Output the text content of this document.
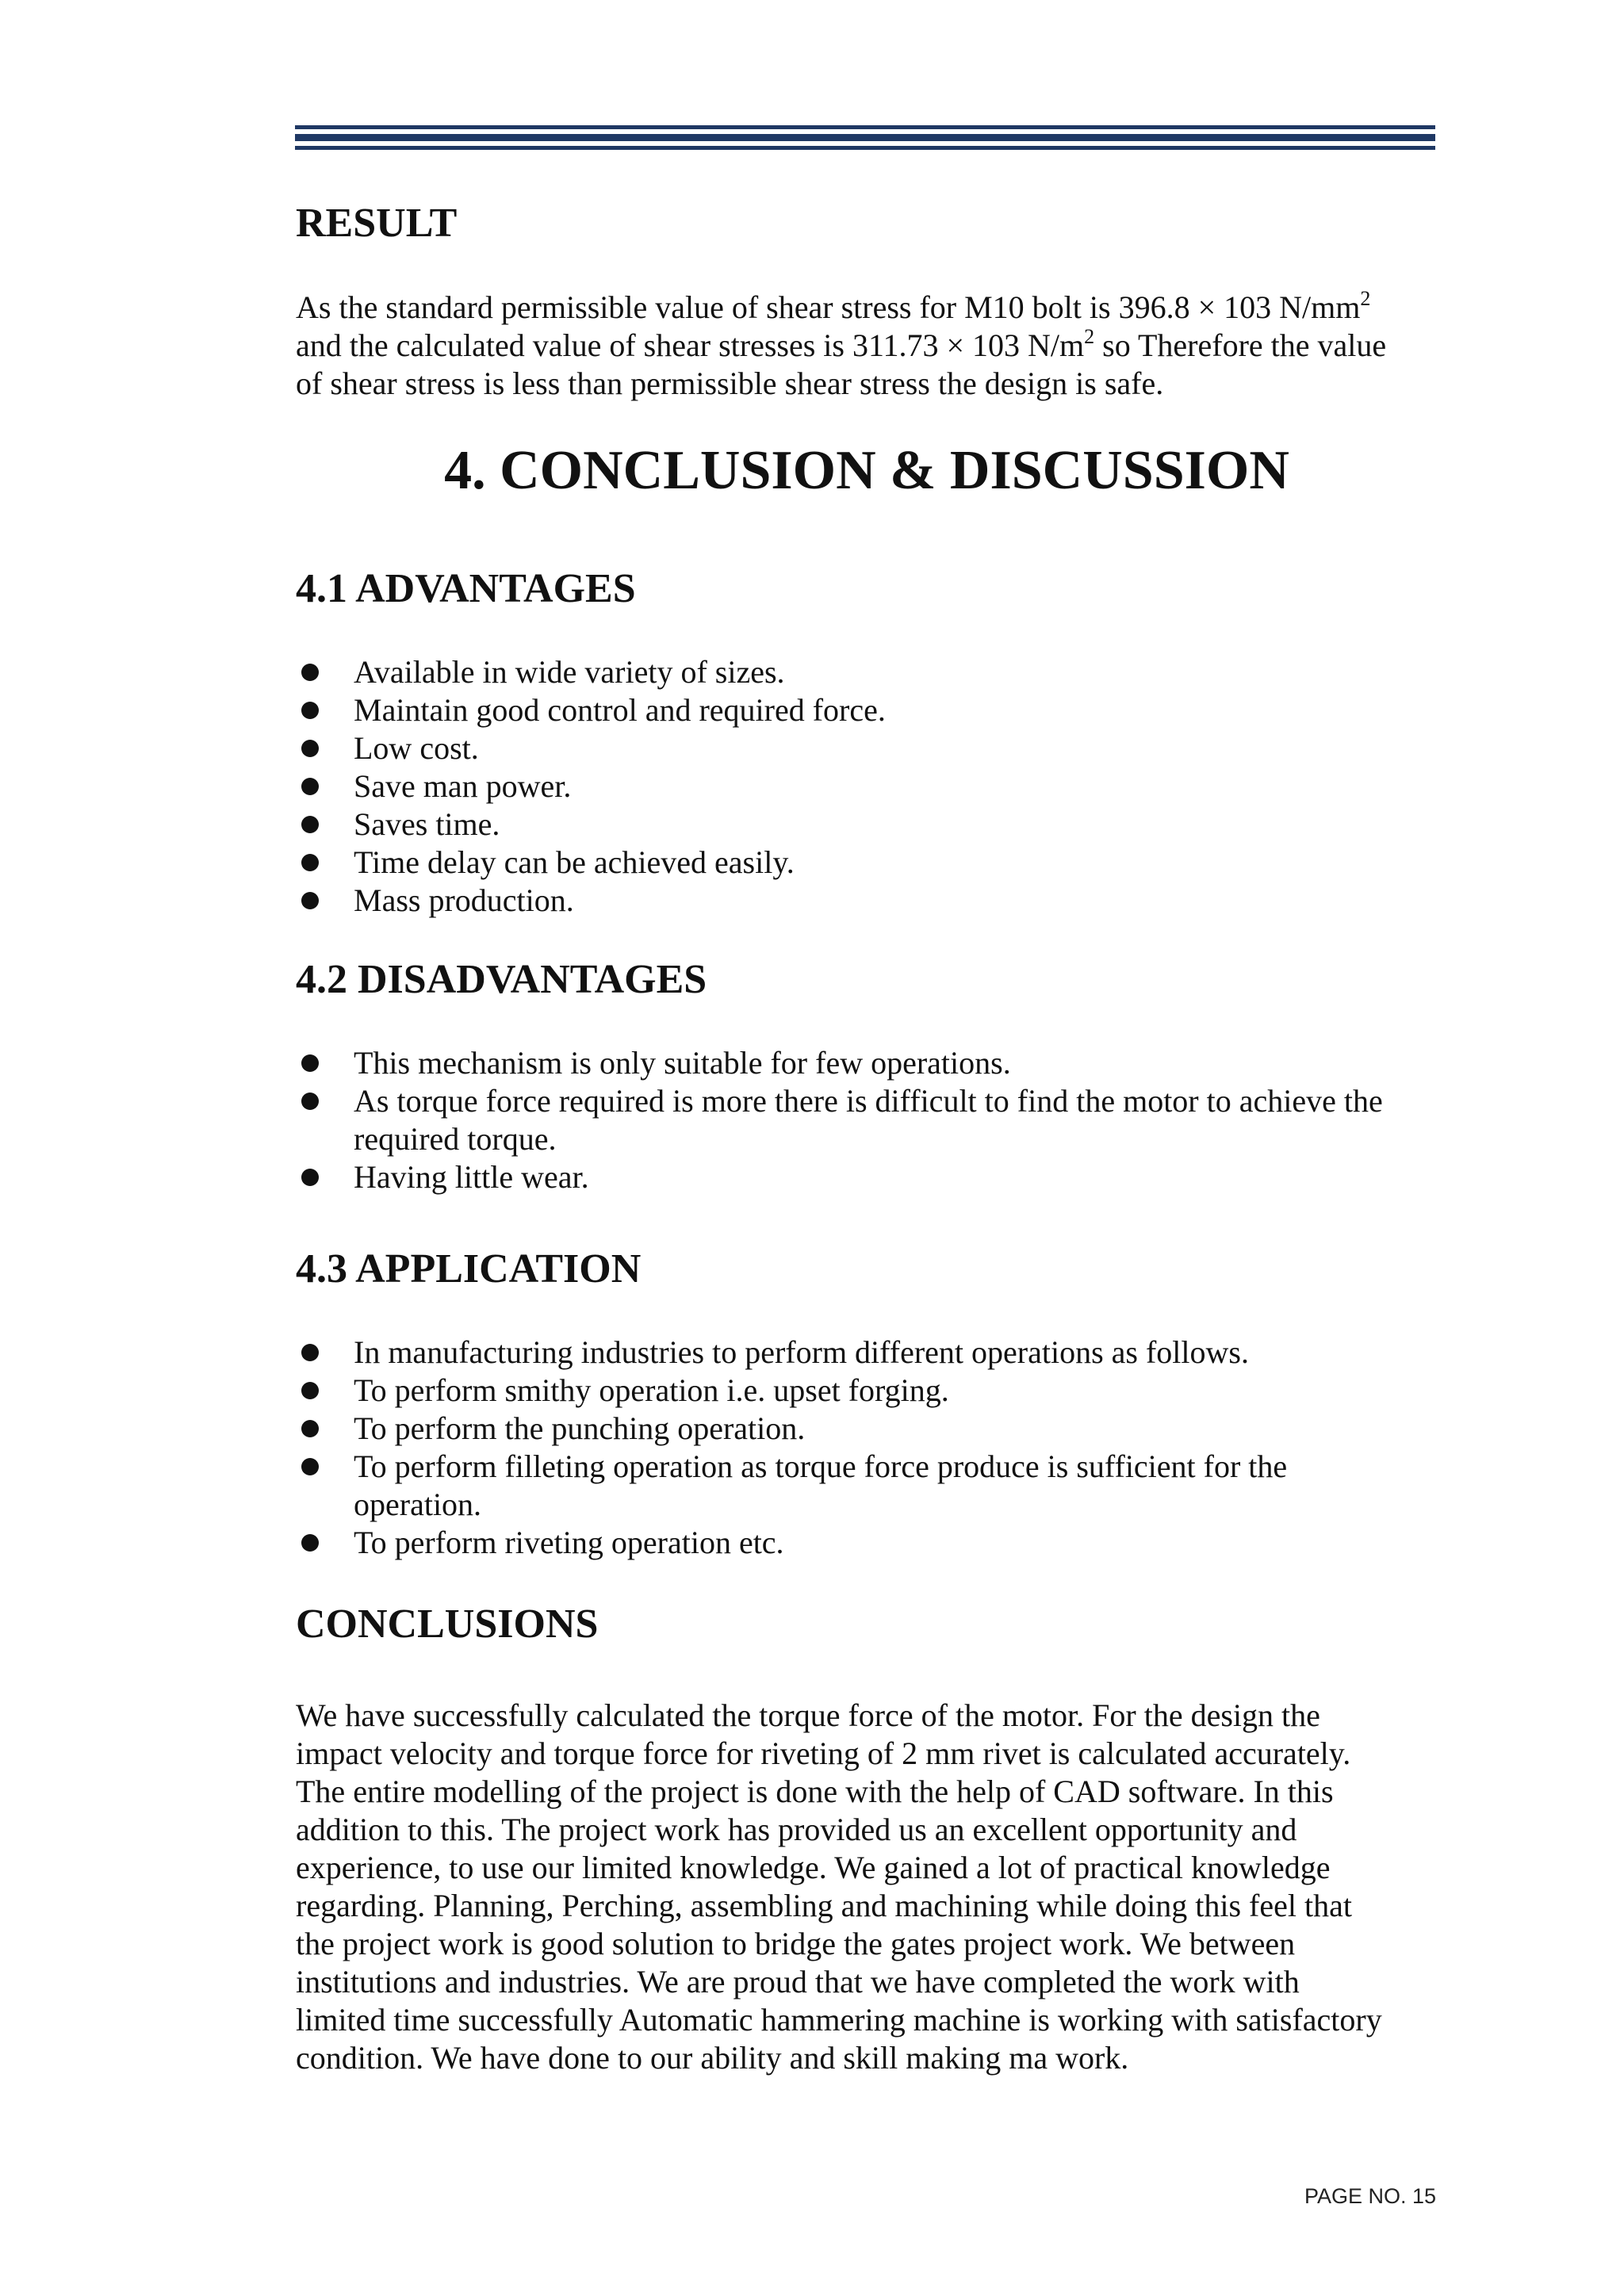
RESULT
As the standard permissible value of shear stress for M10 bolt is 396.8 × 103 $N/mm^2$
and the calculated value of shear stresses is 311.73 × 103 $N/m^2$ so Therefore the value
of shear stress is less than permissible shear stress the design is safe.
4. CONCLUSION & DISCUSSION
4.1 ADVANTAGES
Available in wide variety of sizes.
Maintain good control and required force.
Low cost.
Save man power.
Saves time.
Time delay can be achieved easily.
Mass production.
4.2 DISADVANTAGES
This mechanism is only suitable for few operations.
As torque force required is more there is difficult to find the motor to achieve the
required torque.
Having little wear.
4.3 APPLICATION
In manufacturing industries to perform different operations as follows.
To perform smithy operation i.e. upset forging.
To perform the punching operation.
To perform filleting operation as torque force produce is sufficient for the
operation.
To perform riveting operation etc.
CONCLUSIONS
We have successfully calculated the torque force of the motor. For the design the
impact velocity and torque force for riveting of 2 mm rivet is calculated accurately.
The entire modelling of the project is done with the help of CAD software. In this
addition to this. The project work has provided us an excellent opportunity and
experience, to use our limited knowledge. We gained a lot of practical knowledge
regarding. Planning, Perching, assembling and machining while doing this feel that
the project work is good solution to bridge the gates project work. We between
institutions and industries. We are proud that we have completed the work with
limited time successfully Automatic hammering machine is working with satisfactory
condition. We have done to our ability and skill making ma work.
PAGE NO. 15
